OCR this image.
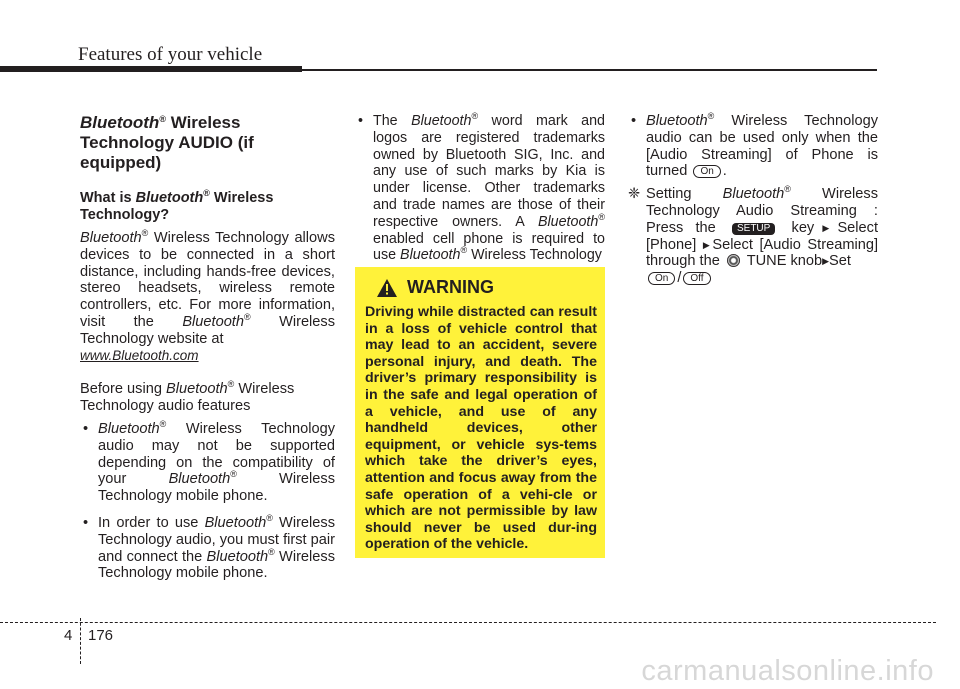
Features of your vehicle
Bluetooth® Wireless Technology AUDIO (if equipped)
What is Bluetooth® Wireless Technology?

Bluetooth® Wireless Technology allows devices to be connected in a short distance, including hands-free devices, stereo headsets, wireless remote controllers, etc. For more information, visit the Bluetooth® Wireless Technology website at
www.Bluetooth.com

Before using Bluetooth® Wireless Technology audio features

• Bluetooth® Wireless Technology audio may not be supported depending on the compatibility of your Bluetooth® Wireless Technology mobile phone.
• In order to use Bluetooth® Wireless Technology audio, you must first pair and connect the Bluetooth® Wireless Technology mobile phone.
• The Bluetooth® word mark and logos are registered trademarks owned by Bluetooth SIG, Inc. and any use of such marks by Kia is under license. Other trademarks and trade names are those of their respective owners. A Bluetooth® enabled cell phone is required to use Bluetooth® Wireless Technology
WARNING
Driving while distracted can result in a loss of vehicle control that may lead to an accident, severe personal injury, and death. The driver’s primary responsibility is in the safe and legal operation of a vehicle, and use of any handheld devices, other equipment, or vehicle sys-tems which take the driver’s eyes, attention and focus away from the safe operation of a vehi-cle or which are not permissible by law should never be used dur-ing operation of the vehicle.
• Bluetooth® Wireless Technology audio can be used only when the [Audio Streaming] of Phone is turned On .
❈ Setting Bluetooth® Wireless Technology Audio Streaming : Press the SETUP key▶Select [Phone] ▶Select [Audio Streaming] through the  TUNE knob▶Set
On / Off
4 176
carmanualsonline.info
